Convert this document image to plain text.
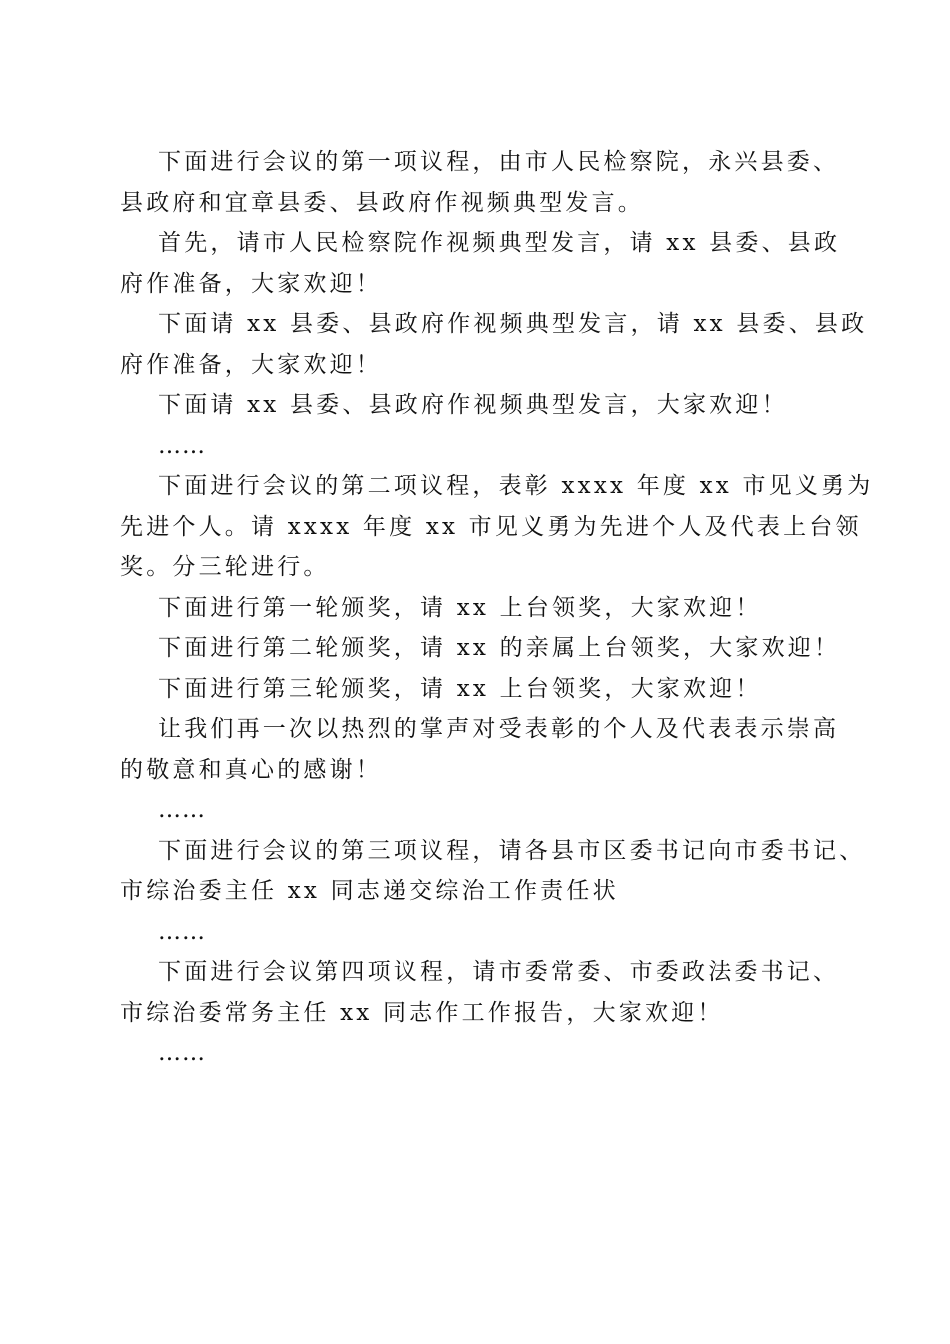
下面进行会议的第一项议程，由市人民检察院，永兴县委、
县政府和宜章县委、县政府作视频典型发言。

首先，请市人民检察院作视频典型发言，请 xx 县委、县政
府作准备，大家欢迎！

下面请 xx 县委、县政府作视频典型发言，请 xx 县委、县政
府作准备，大家欢迎！

下面请 xx 县委、县政府作视频典型发言，大家欢迎！

……

下面进行会议的第二项议程，表彰 xxxx 年度 xx 市见义勇为
先进个人。请 xxxx 年度 xx 市见义勇为先进个人及代表上台领
奖。分三轮进行。

下面进行第一轮颁奖，请 xx 上台领奖，大家欢迎！

下面进行第二轮颁奖，请 xx 的亲属上台领奖，大家欢迎！

下面进行第三轮颁奖，请 xx 上台领奖，大家欢迎！

让我们再一次以热烈的掌声对受表彰的个人及代表表示崇高
的敬意和真心的感谢！

……

下面进行会议的第三项议程，请各县市区委书记向市委书记、
市综治委主任 xx 同志递交综治工作责任状

……

下面进行会议第四项议程，请市委常委、市委政法委书记、
市综治委常务主任 xx 同志作工作报告，大家欢迎！

……
